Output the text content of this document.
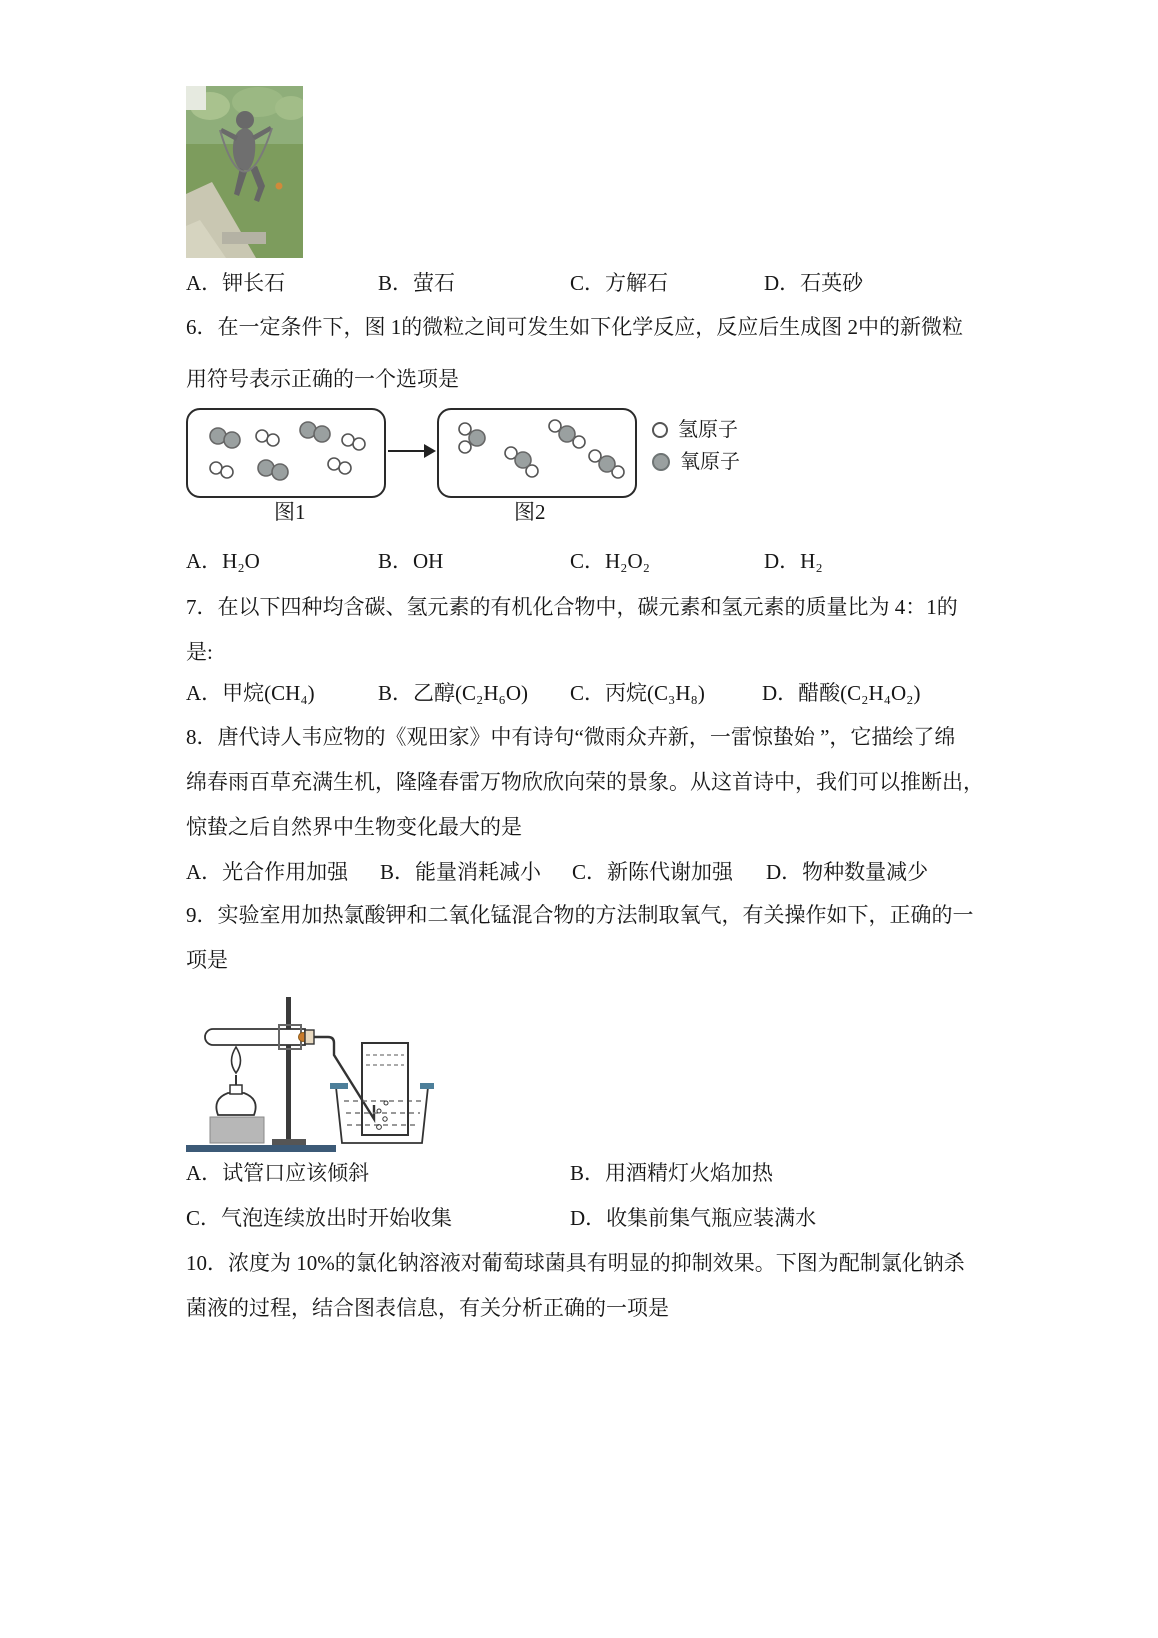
A．钾长石	B．萤石	C．方解石	D．石英砂
6．在一定条件下，图 1的微粒之间可发生如下化学反应，反应后生成图 2中的新微粒
用符号表示正确的一个选项是
氢原子
氧原子
图1	图2
A．H₂O	B．OH	C．H₂O₂	D．H₂
7．在以下四种均含碳、氢元素的有机化合物中，碳元素和氢元素的质量比为 4：1的
是:
A．甲烷(CH₄)	B．乙醇(C₂H₆O) C．丙烷(C₃H₈)	D．醋酸(C₂H₄O₂)
8．唐代诗人韦应物的《观田家》中有诗句“微雨众卉新，一雷惊蛰始 ”，它描绘了绵
绵春雨百草充满生机，隆隆春雷万物欣欣向荣的景象。从这首诗中，我们可以推断出，
惊蛰之后自然界中生物变化最大的是
A．光合作用加强 B．能量消耗减小 C．新陈代谢加强 D．物种数量减少
9．实验室用加热氯酸钾和二氧化锰混合物的方法制取氧气，有关操作如下，正确的一
项是
A．试管口应该倾斜	B．用酒精灯火焰加热
C．气泡连续放出时开始收集	D．收集前集气瓶应装满水
10．浓度为 10%的氯化钠溶液对葡萄球菌具有明显的抑制效果。下图为配制氯化钠杀
菌液的过程，结合图表信息，有关分析正确的一项是
